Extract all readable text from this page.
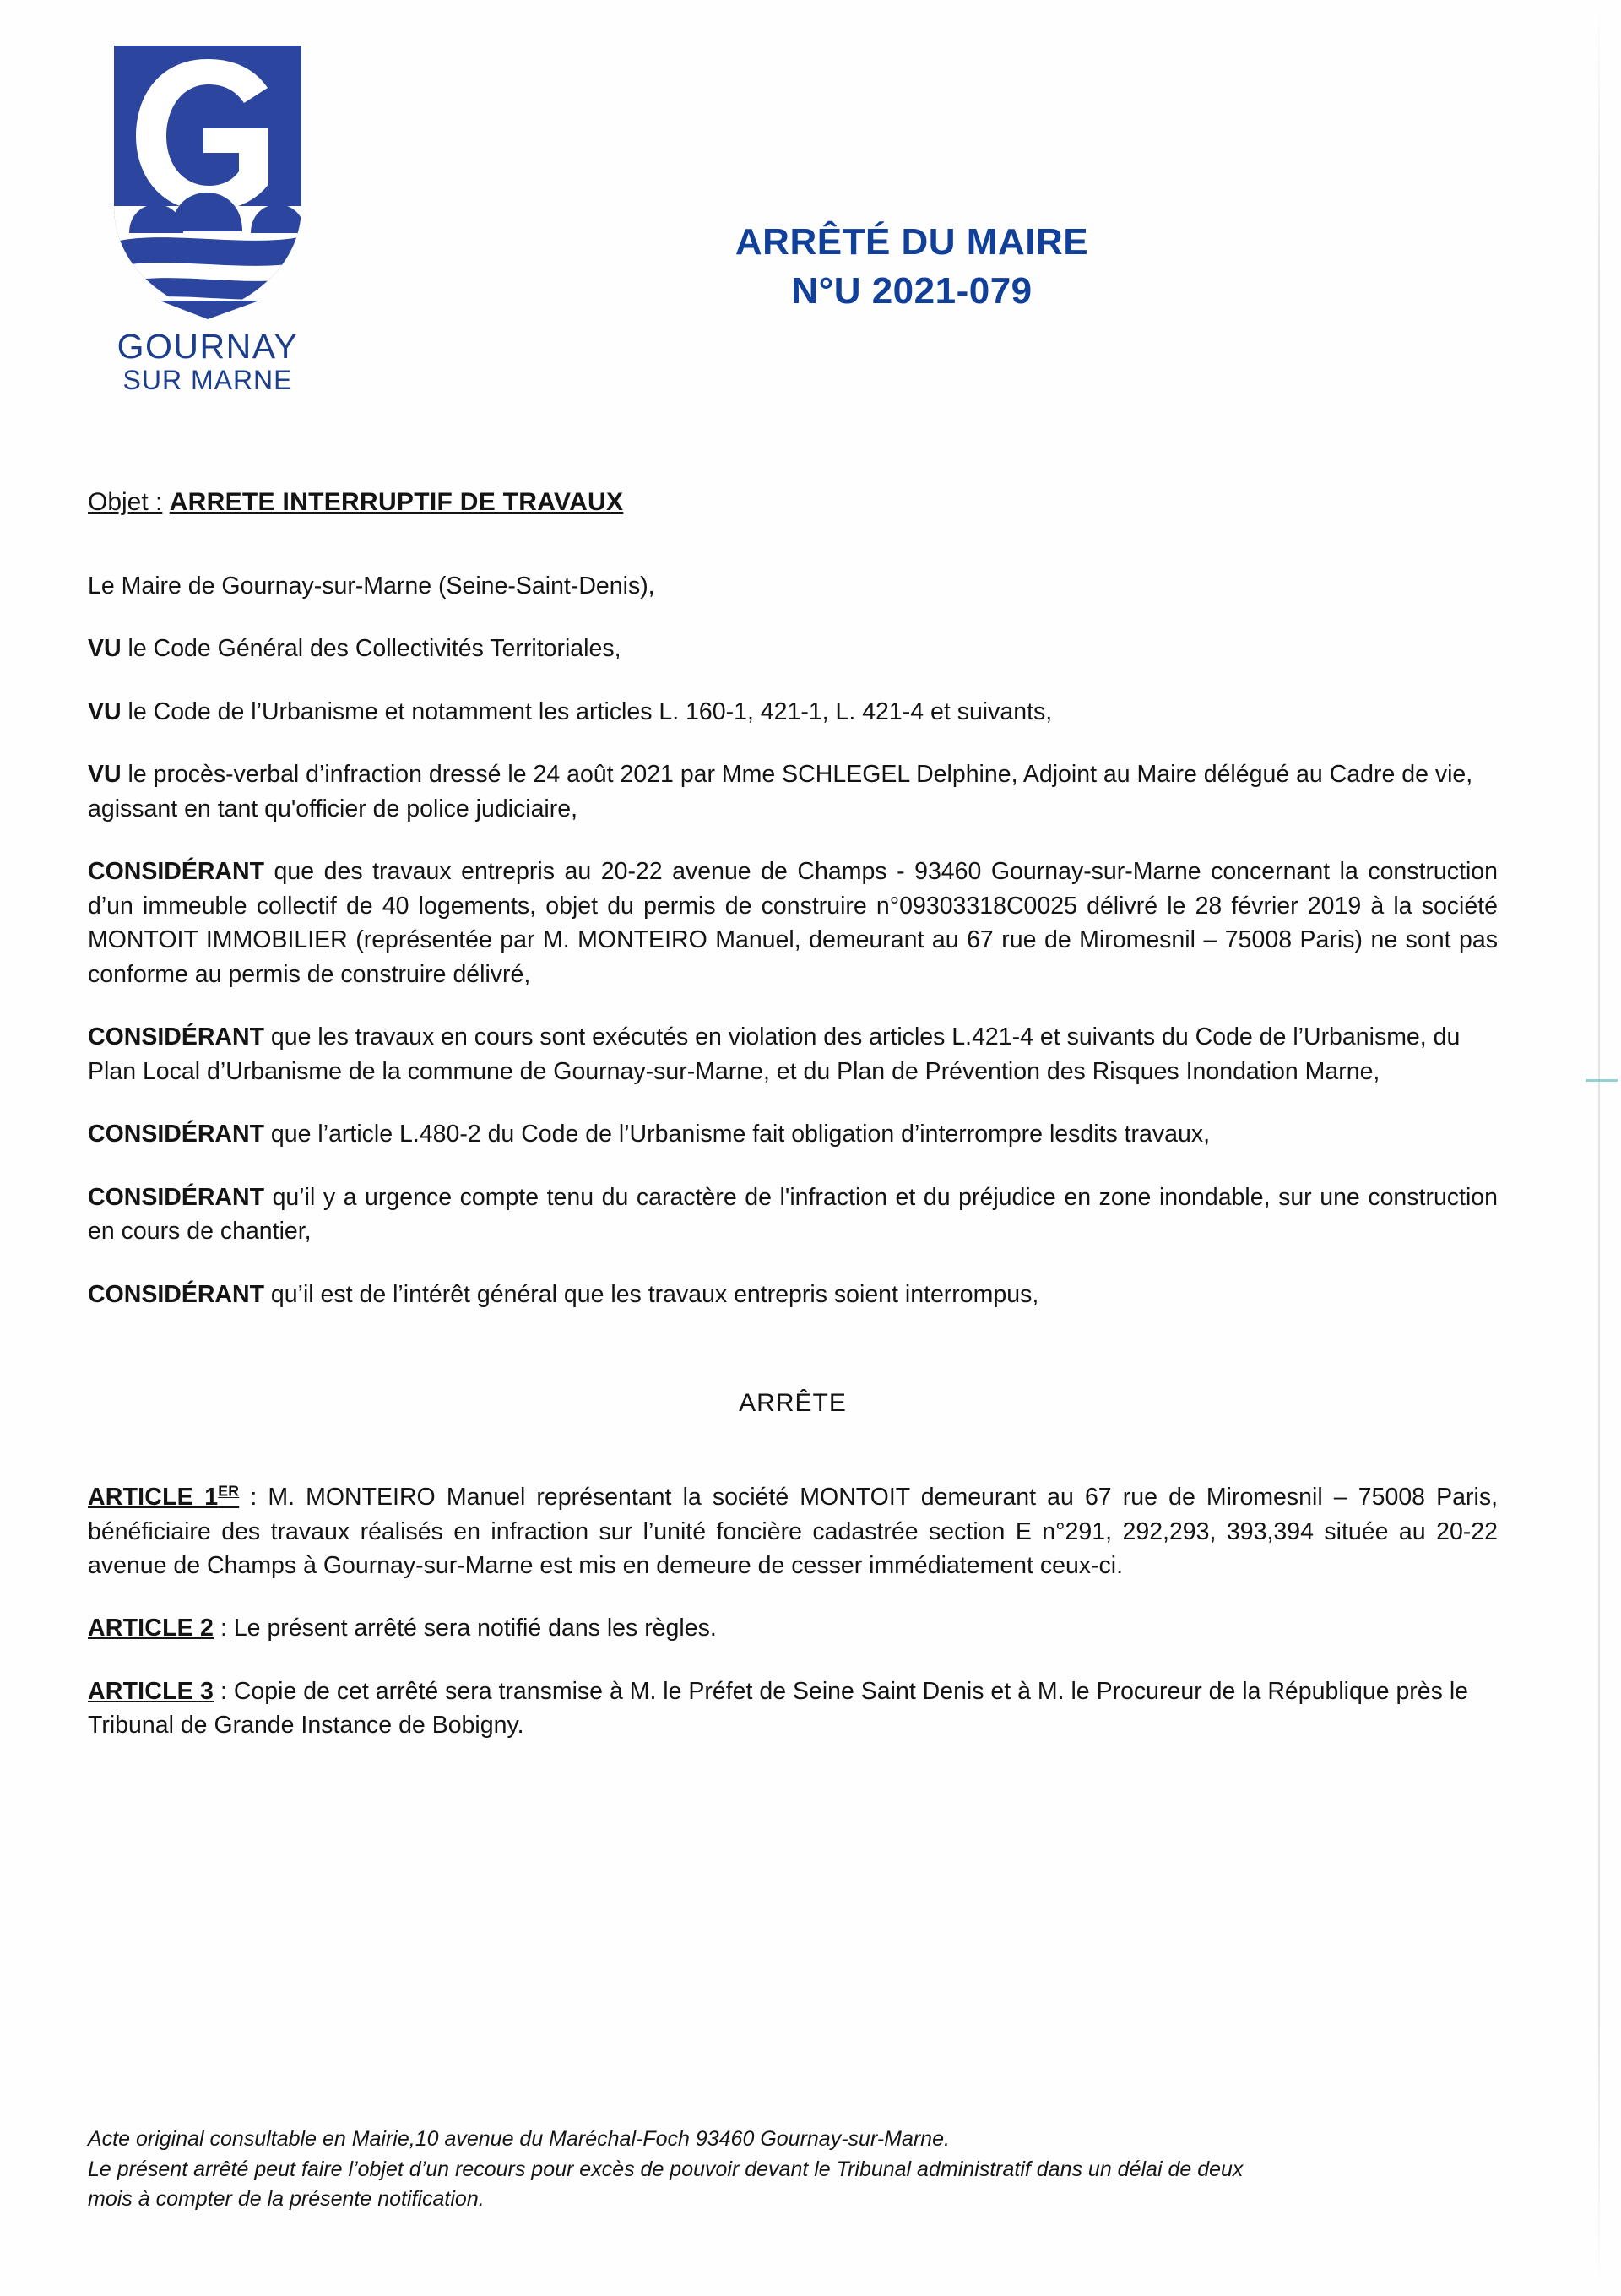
GOURNAY
SUR MARNE
ARRÊTÉ DU MAIRE
N°U 2021-079
Objet : ARRETE INTERRUPTIF DE TRAVAUX

Le Maire de Gournay-sur-Marne (Seine-Saint-Denis),

VU le Code Général des Collectivités Territoriales,

VU le Code de l’Urbanisme et notamment les articles L. 160-1, 421-1, L. 421-4 et suivants,

VU le procès-verbal d’infraction dressé le 24 août 2021 par Mme SCHLEGEL Delphine, Adjoint au Maire délégué au Cadre de vie, agissant en tant qu'officier de police judiciaire,

CONSIDÉRANT que des travaux entrepris au 20-22 avenue de Champs - 93460 Gournay-sur-Marne concernant la construction d’un immeuble collectif de 40 logements, objet du permis de construire n°09303318C0025 délivré le 28 février 2019 à la société MONTOIT IMMOBILIER (représentée par M. MONTEIRO Manuel, demeurant au 67 rue de Miromesnil – 75008 Paris) ne sont pas conforme au permis de construire délivré,

CONSIDÉRANT que les travaux en cours sont exécutés en violation des articles L.421-4 et suivants du Code de l’Urbanisme, du Plan Local d’Urbanisme de la commune de Gournay-sur-Marne, et du Plan de Prévention des Risques Inondation Marne,

CONSIDÉRANT que l’article L.480-2 du Code de l’Urbanisme fait obligation d’interrompre lesdits travaux,

CONSIDÉRANT qu’il y a urgence compte tenu du caractère de l'infraction et du préjudice en zone inondable, sur une construction en cours de chantier,

CONSIDÉRANT qu’il est de l’intérêt général que les travaux entrepris soient interrompus,

ARRÊTE

ARTICLE 1ER : M. MONTEIRO Manuel représentant la société MONTOIT demeurant au 67 rue de Miromesnil – 75008 Paris, bénéficiaire des travaux réalisés en infraction sur l’unité foncière cadastrée section E n°291, 292,293, 393,394 située au 20-22 avenue de Champs à Gournay-sur-Marne est mis en demeure de cesser immédiatement ceux-ci.

ARTICLE 2 : Le présent arrêté sera notifié dans les règles.

ARTICLE 3 : Copie de cet arrêté sera transmise à M. le Préfet de Seine Saint Denis et à M. le Procureur de la République près le Tribunal de Grande Instance de Bobigny.

Acte original consultable en Mairie,10 avenue du Maréchal-Foch 93460 Gournay-sur-Marne.
Le présent arrêté peut faire l’objet d’un recours pour excès de pouvoir devant le Tribunal administratif dans un délai de deux
mois à compter de la présente notification.
